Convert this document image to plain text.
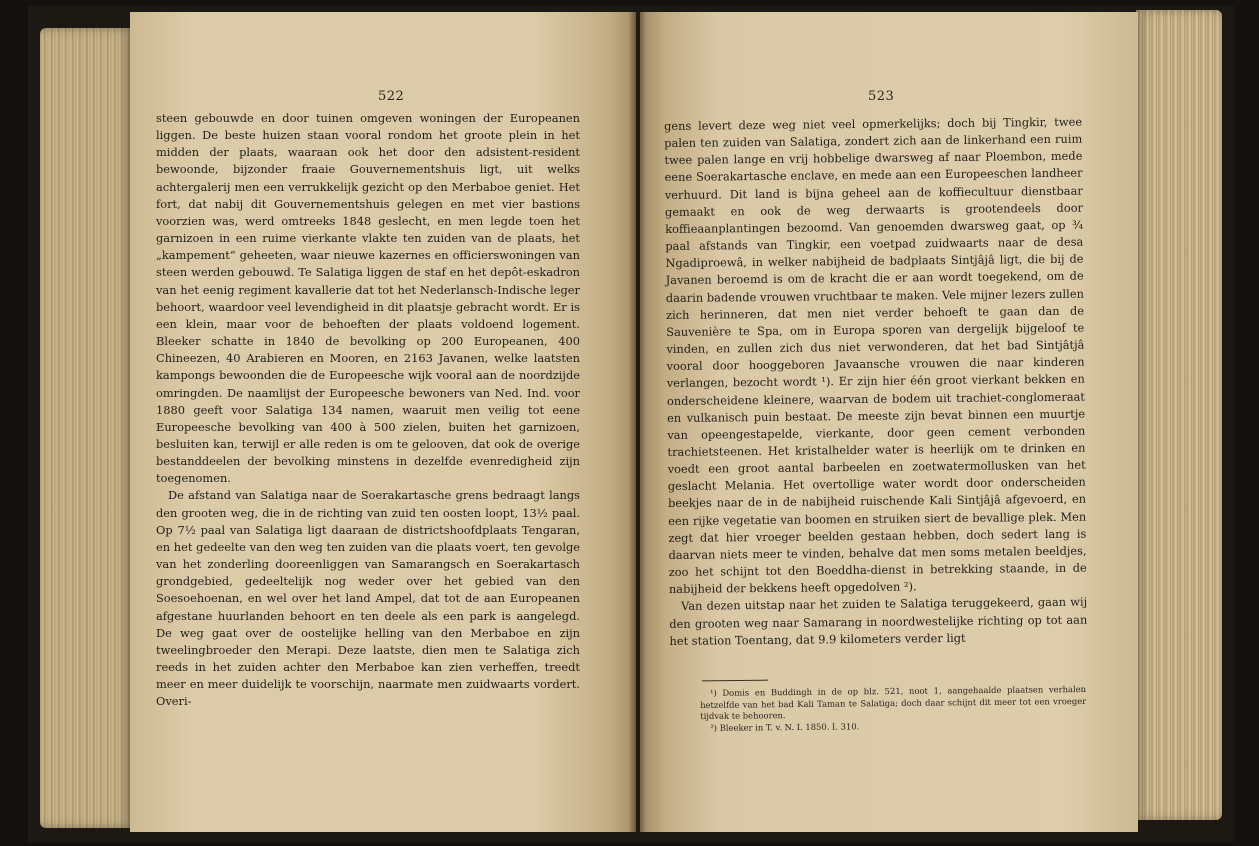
522

steen gebouwde en door tuinen omgeven woningen der Europeanen liggen. De beste huizen staan vooral rondom het groote plein in het midden der plaats, waaraan ook het door den adsistent-resident bewoonde, bijzonder fraaie Gouvernementshuis ligt, uit welks achtergalerij men een verrukkelijk gezicht op den Merbaboe geniet. Het fort, dat nabij dit Gouvernementshuis gelegen en met vier bastions voorzien was, werd omtreeks 1848 geslecht, en men legde toen het garnizoen in een ruime vierkante vlakte ten zuiden van de plaats, het „kampement“ geheeten, waar nieuwe kazernes en officierswoningen van steen werden gebouwd. Te Salatiga liggen de staf en het depôt-eskadron van het eenig regiment kavallerie dat tot het Nederlansch-Indische leger behoort, waardoor veel levendigheid in dit plaatsje gebracht wordt. Er is een klein, maar voor de behoeften der plaats voldoend logement. Bleeker schatte in 1840 de bevolking op 200 Europeanen, 400 Chineezen, 40 Arabieren en Mooren, en 2163 Javanen, welke laatsten kampongs bewoonden die de Europeesche wijk vooral aan de noordzijde omringden. De naamlijst der Europeesche bewoners van Ned. Ind. voor 1880 geeft voor Salatiga 134 namen, waaruit men veilig tot eene Europeesche bevolking van 400 à 500 zielen, buiten het garnizoen, besluiten kan, terwijl er alle reden is om te gelooven, dat ook de overige bestanddeelen der bevolking minstens in dezelfde evenredigheid zijn toegenomen.

De afstand van Salatiga naar de Soerakartasche grens bedraagt langs den grooten weg, die in de richting van zuid ten oosten loopt, 13½ paal. Op 7½ paal van Salatiga ligt daaraan de districtshoofdplaats Tengaran, en het gedeelte van den weg ten zuiden van die plaats voert, ten gevolge van het zonderling dooreenliggen van Samarangsch en Soerakartasch grondgebied, gedeeltelijk nog weder over het gebied van den Soesoehoenan, en wel over het land Ampel, dat tot de aan Europeanen afgestane huurlanden behoort en ten deele als een park is aangelegd. De weg gaat over de oostelijke helling van den Merbaboe en zijn tweelingbroeder den Merapi. Deze laatste, dien men te Salatiga zich reeds in het zuiden achter den Merbaboe kan zien verheffen, treedt meer en meer duidelijk te voorschijn, naarmate men zuidwaarts vordert. Overi-

523

gens levert deze weg niet veel opmerkelijks; doch bij Tingkir, twee palen ten zuiden van Salatiga, zondert zich aan de linkerhand een ruim twee palen lange en vrij hobbelige dwarsweg af naar Ploembon, mede eene Soerakartasche enclave, en mede aan een Europeeschen landheer verhuurd. Dit land is bijna geheel aan de koffiecultuur dienstbaar gemaakt en ook de weg derwaarts is grootendeels door koffieaanplantingen bezoomd. Van genoemden dwarsweg gaat, op ¾ paal afstands van Tingkir, een voetpad zuidwaarts naar de desa Ngadiproewâ, in welker nabijheid de badplaats Sintjâjâ ligt, die bij de Javanen beroemd is om de kracht die er aan wordt toegekend, om de daarin badende vrouwen vruchtbaar te maken. Vele mijner lezers zullen zich herinneren, dat men niet verder behoeft te gaan dan de Sauvenière te Spa, om in Europa sporen van dergelijk bijgeloof te vinden, en zullen zich dus niet verwonderen, dat het bad Sintjâtjâ vooral door hooggeboren Javaansche vrouwen die naar kinderen verlangen, bezocht wordt ¹). Er zijn hier één groot vierkant bekken en onderscheidene kleinere, waarvan de bodem uit trachiet-conglomeraat en vulkanisch puin bestaat. De meeste zijn bevat binnen een muurtje van opeengestapelde, vierkante, door geen cement verbonden trachietsteenen. Het kristalhelder water is heerlijk om te drinken en voedt een groot aantal barbeelen en zoetwatermollusken van het geslacht Melania. Het overtollige water wordt door onderscheiden beekjes naar de in de nabijheid ruischende Kali Sintjâjâ afgevoerd, en een rijke vegetatie van boomen en struiken siert de bevallige plek. Men zegt dat hier vroeger beelden gestaan hebben, doch sedert lang is daarvan niets meer te vinden, behalve dat men soms metalen beeldjes, zoo het schijnt tot den Boeddha-dienst in betrekking staande, in de nabijheid der bekkens heeft opgedolven ²).

Van dezen uitstap naar het zuiden te Salatiga teruggekeerd, gaan wij den grooten weg naar Samarang in noordwestelijke richting op tot aan het station Toentang, dat 9.9 kilometers verder ligt

¹) Domis en Buddingh in de op blz. 521, noot 1, aangehaalde plaatsen verhalen hetzelfde van het bad Kali Taman te Salatiga; doch daar schijnt dit meer tot een vroeger tijdvak te behooren.

²) Bleeker in T. v. N. I. 1850. I. 310.
